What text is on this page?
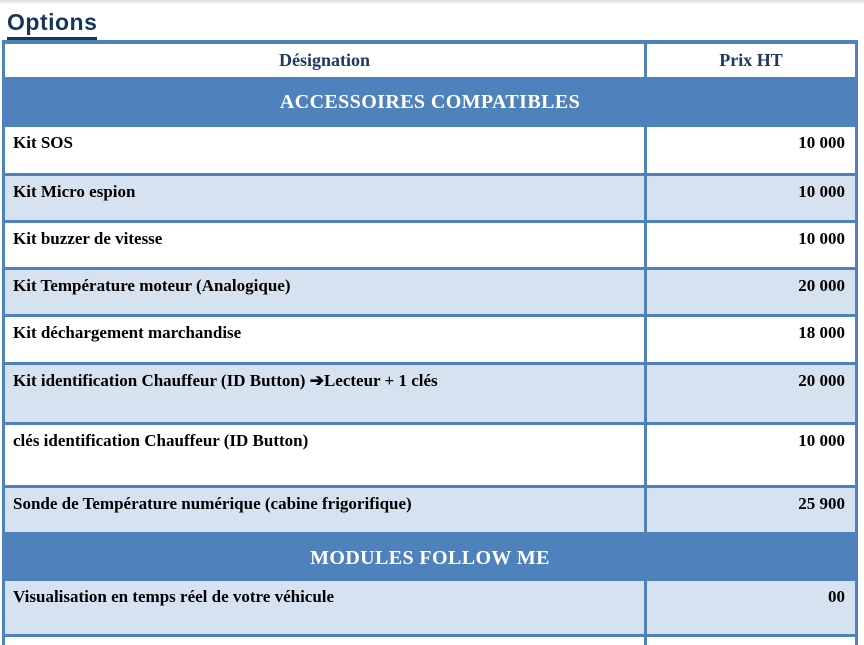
Options
Désignation	Prix HT
ACCESSOIRES COMPATIBLES
Kit SOS	10 000
Kit Micro espion	10 000
Kit buzzer de vitesse	10 000
Kit Température moteur (Analogique)	20 000
Kit déchargement marchandise	18 000
Kit identification Chauffeur (ID Button) ➔Lecteur + 1 clés	20 000
clés identification Chauffeur (ID Button)	10 000
Sonde de Température numérique (cabine frigorifique)	25 900
MODULES FOLLOW ME
Visualisation en temps réel de votre véhicule	00
